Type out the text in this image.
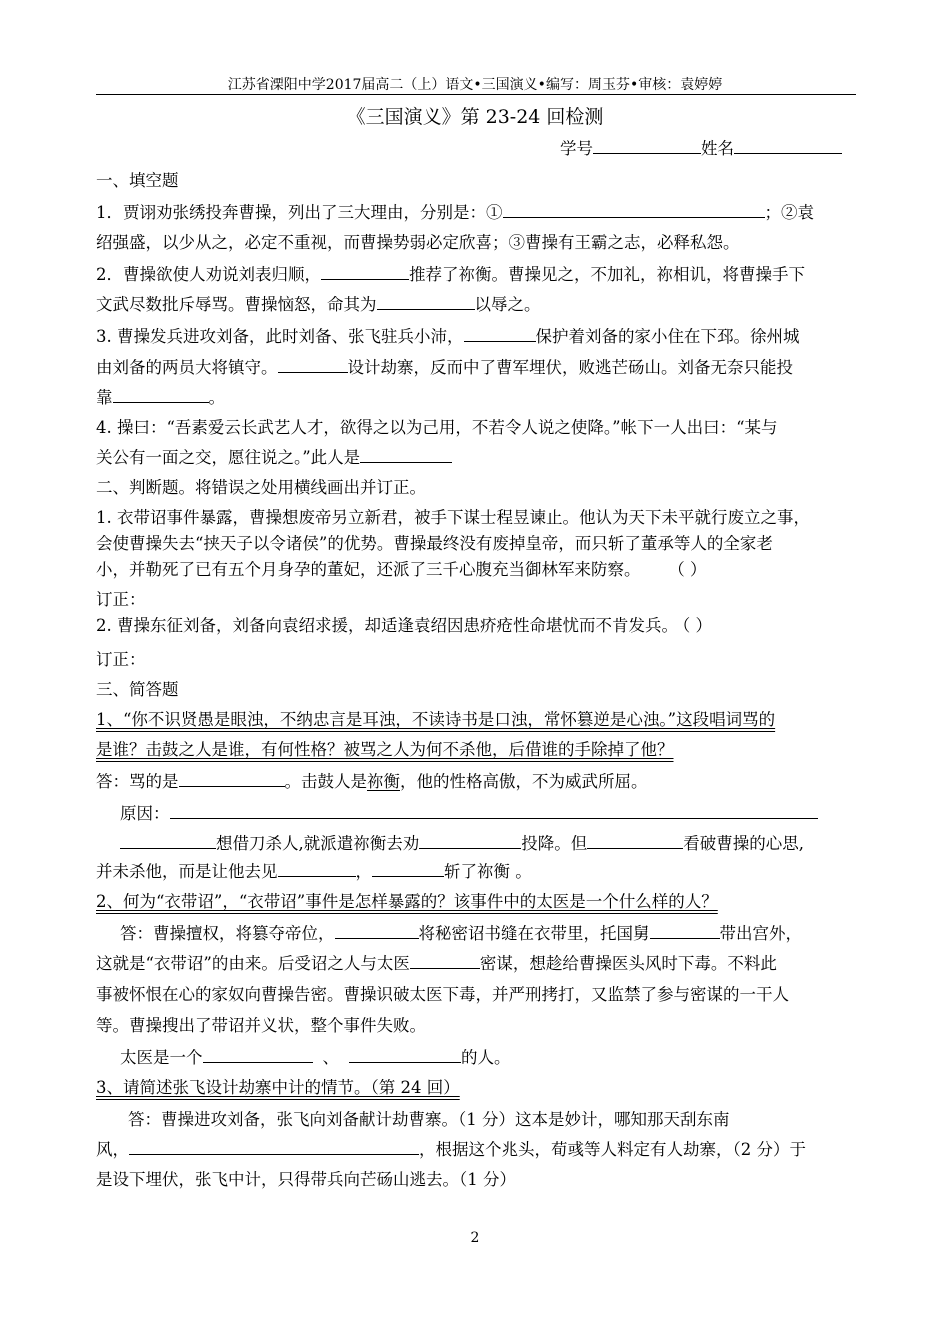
江苏省溧阳中学2017届高二（上）语文•三国演义•编写：周玉芬•审核：袁婷婷
《三国演义》第 23-24 回检测
学号	姓名
一、填空题
1．贾诩劝张绣投奔曹操，列出了三大理由，分别是：①	；②袁
绍强盛，以少从之，必定不重视，而曹操势弱必定欣喜；③曹操有王霸之志，必释私怨。
2．曹操欲使人劝说刘表归顺，	推荐了祢衡。曹操见之，不加礼，祢相讥，将曹操手下
文武尽数批斥辱骂。曹操恼怒，命其为	以辱之。
3. 曹操发兵进攻刘备，此时刘备、张飞驻兵小沛，	保护着刘备的家小住在下邳。徐州城
由刘备的两员大将镇守。	设计劫寨，反而中了曹军埋伏，败逃芒砀山。刘备无奈只能投
靠	。
4. 操曰：“吾素爱云长武艺人才，欲得之以为己用，不若令人说之使降。”帐下一人出曰：“某与
关公有一面之交，愿往说之。”此人是
二、判断题。将错误之处用横线画出并订正。
1. 衣带诏事件暴露，曹操想废帝另立新君，被手下谋士程昱谏止。他认为天下未平就行废立之事，
会使曹操失去“挟天子以令诸侯”的优势。曹操最终没有废掉皇帝，而只斩了董承等人的全家老
小，并勒死了已有五个月身孕的董妃，还派了三千心腹充当御林军来防察。 （ ）
订正：
2. 曹操东征刘备，刘备向袁绍求援，却适逢袁绍因患疥疮性命堪忧而不肯发兵。 （ ）
订正：
三、简答题
1、“你不识贤愚是眼浊，不纳忠言是耳浊，不读诗书是口浊，常怀篡逆是心浊。”这段唱词骂的
是谁？击鼓之人是谁，有何性格？被骂之人为何不杀他，后借谁的手除掉了他？
答：骂的是	。击鼓人是祢衡，他的性格高傲，不为威武所屈。
原因：
想借刀杀人,就派遣祢衡去劝	投降。但	看破曹操的心思,
并未杀他，而是让他去见	，	斩了祢衡 。
2、何为“衣带诏”，“衣带诏”事件是怎样暴露的？该事件中的太医是一个什么样的人？
答：曹操擅权，将篡夺帝位，	将秘密诏书缝在衣带里，托国舅	带出宫外，
这就是“衣带诏”的由来。后受诏之人与太医	密谋，想趁给曹操医头风时下毒。不料此
事被怀恨在心的家奴向曹操告密。曹操识破太医下毒，并严刑拷打，又监禁了参与密谋的一干人
等。曹操搜出了带诏并义状，整个事件失败。
太医是一个	、	的人。
3、请简述张飞设计劫寨中计的情节。（第 24 回）
答：曹操进攻刘备，张飞向刘备献计劫曹寨。（1 分）这本是妙计，哪知那天刮东南
风，	，根据这个兆头，荀彧等人料定有人劫寨，（2 分）于
是设下埋伏，张飞中计，只得带兵向芒砀山逃去。（1 分）
2
